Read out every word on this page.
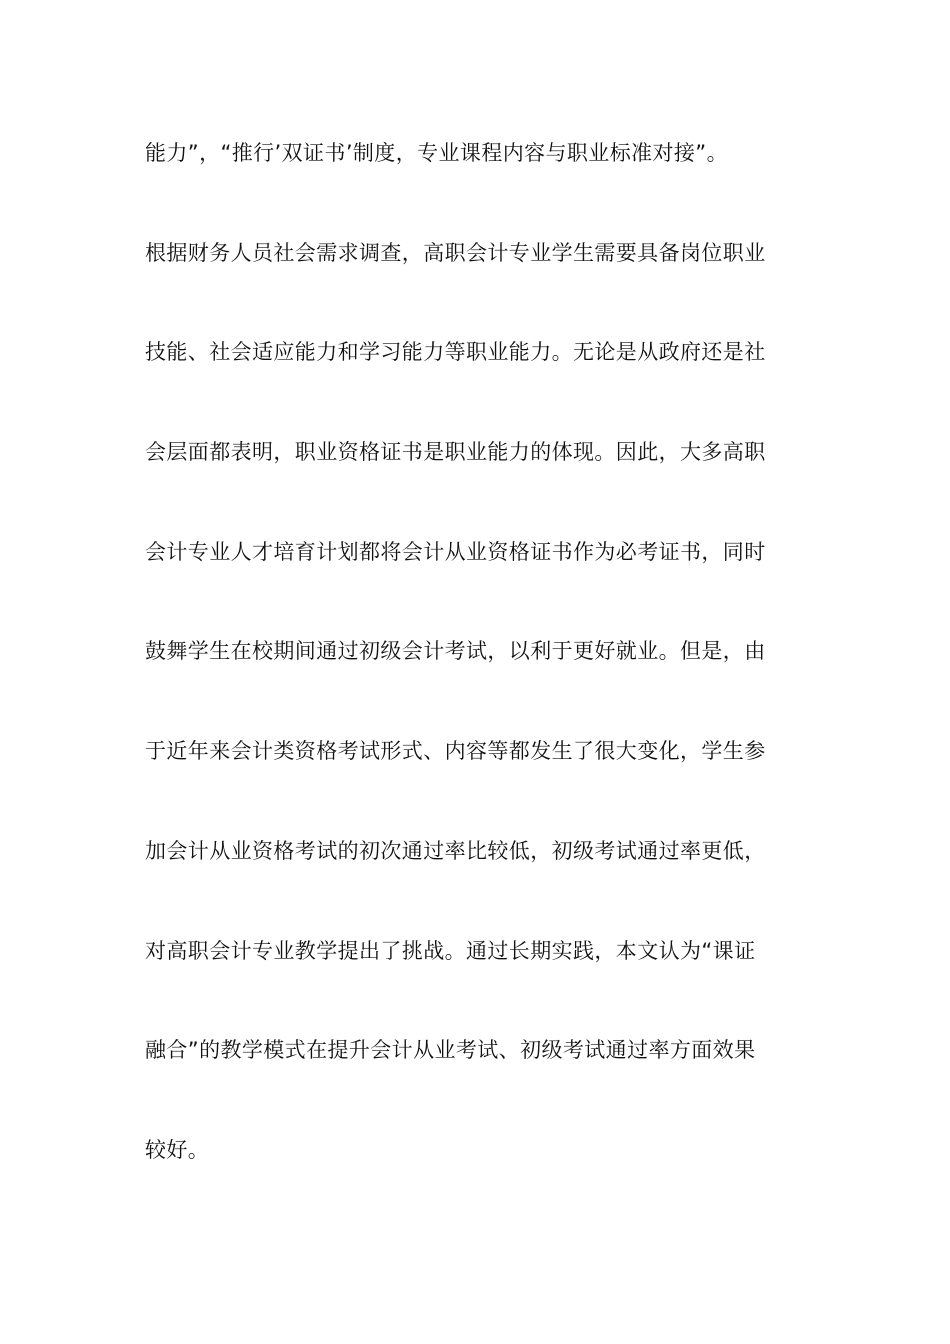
能力”，“推行’双证书’制度，专业课程内容与职业标准对接”。
根据财务人员社会需求调查，高职会计专业学生需要具备岗位职业
技能、社会适应能力和学习能力等职业能力。无论是从政府还是社
会层面都表明，职业资格证书是职业能力的体现。因此，大多高职
会计专业人才培育计划都将会计从业资格证书作为必考证书，同时
鼓舞学生在校期间通过初级会计考试，以利于更好就业。但是，由
于近年来会计类资格考试形式、内容等都发生了很大变化，学生参
加会计从业资格考试的初次通过率比较低，初级考试通过率更低，
对高职会计专业教学提出了挑战。通过长期实践，本文认为“课证
融合”的教学模式在提升会计从业考试、初级考试通过率方面效果
较好。
